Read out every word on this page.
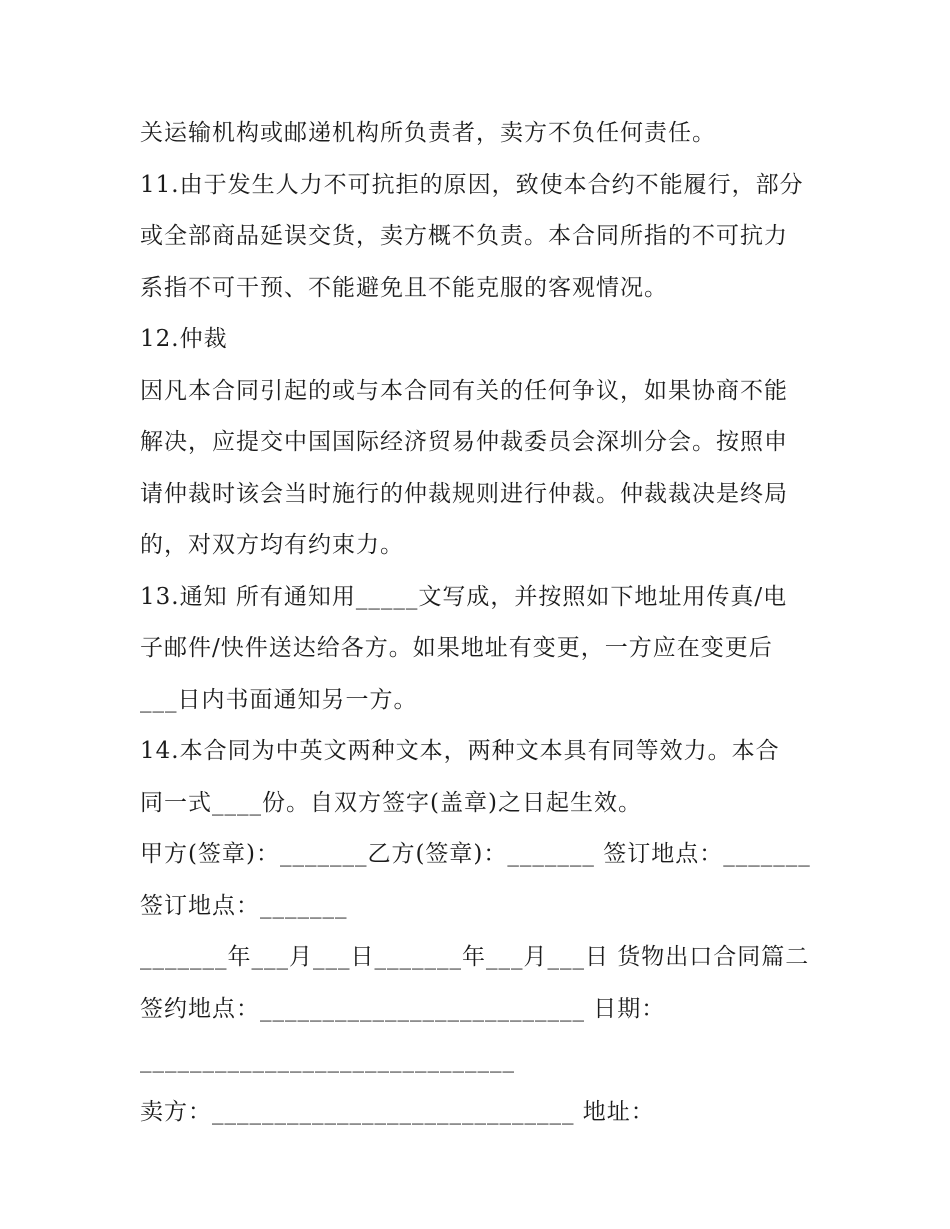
关运输机构或邮递机构所负责者，卖方不负任何责任。
11.由于发生人力不可抗拒的原因，致使本合约不能履行，部分
或全部商品延误交货，卖方概不负责。本合同所指的不可抗力
系指不可干预、不能避免且不能克服的客观情况。
12.仲裁
因凡本合同引起的或与本合同有关的任何争议，如果协商不能
解决，应提交中国国际经济贸易仲裁委员会深圳分会。按照申
请仲裁时该会当时施行的仲裁规则进行仲裁。仲裁裁决是终局
的，对双方均有约束力。
13.通知 所有通知用_____文写成，并按照如下地址用传真/电
子邮件/快件送达给各方。如果地址有变更，一方应在变更后
___日内书面通知另一方。
14.本合同为中英文两种文本，两种文本具有同等效力。本合
同一式____份。自双方签字(盖章)之日起生效。
甲方(签章)：_______乙方(签章)：_______ 签订地点：_______
签订地点：_______
_______年___月___日_______年___月___日 货物出口合同篇二
签约地点：__________________________ 日期：
______________________________
卖方：_____________________________ 地址：
